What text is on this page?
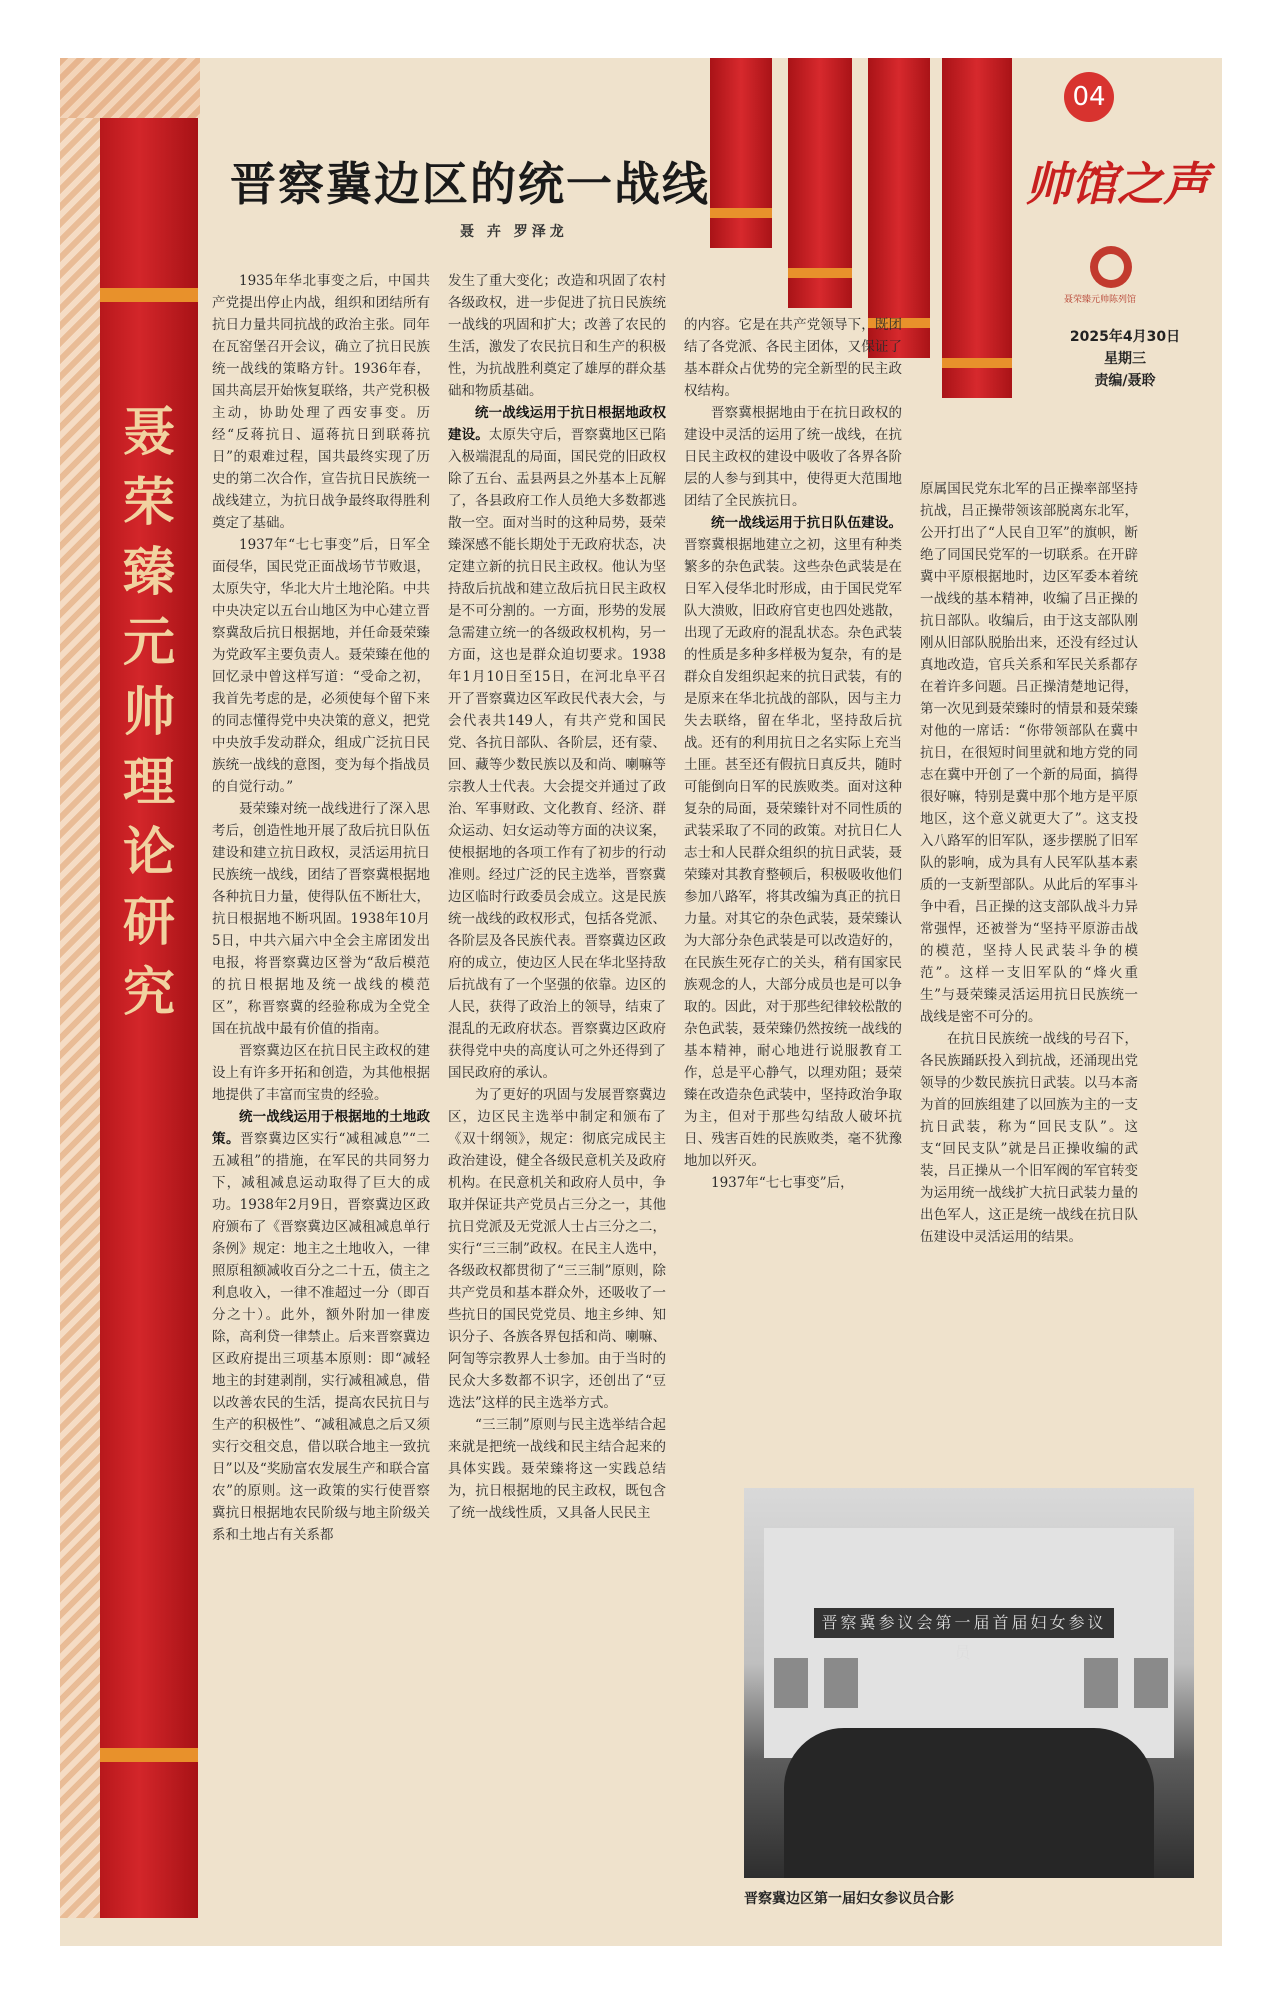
聂荣臻元帅理论研究
04
帅馆之声
聂荣臻元帅陈列馆
2025年4月30日
星期三
责编/聂聆
晋察冀边区的统一战线
聂 卉 罗泽龙

1935年华北事变之后，中国共产党提出停止内战，组织和团结所有抗日力量共同抗战的政治主张。同年在瓦窑堡召开会议，确立了抗日民族统一战线的策略方针。1936年春，国共高层开始恢复联络，共产党积极主动，协助处理了西安事变。历经“反蒋抗日、逼蒋抗日到联蒋抗日”的艰难过程，国共最终实现了历史的第二次合作，宣告抗日民族统一战线建立，为抗日战争最终取得胜利奠定了基础。

1937年“七七事变”后，日军全面侵华，国民党正面战场节节败退，太原失守，华北大片土地沦陷。中共中央决定以五台山地区为中心建立晋察冀敌后抗日根据地，并任命聂荣臻为党政军主要负责人。聂荣臻在他的回忆录中曾这样写道：“受命之初，我首先考虑的是，必须使每个留下来的同志懂得党中央决策的意义，把党中央放手发动群众，组成广泛抗日民族统一战线的意图，变为每个指战员的自觉行动。”

聂荣臻对统一战线进行了深入思考后，创造性地开展了敌后抗日队伍建设和建立抗日政权，灵活运用抗日民族统一战线，团结了晋察冀根据地各种抗日力量，使得队伍不断壮大，抗日根据地不断巩固。1938年10月5日，中共六届六中全会主席团发出电报，将晋察冀边区誉为“敌后模范的抗日根据地及统一战线的模范区”，称晋察冀的经验称成为全党全国在抗战中最有价值的指南。

晋察冀边区在抗日民主政权的建设上有许多开拓和创造，为其他根据地提供了丰富而宝贵的经验。

统一战线运用于根据地的土地政策。晋察冀边区实行“减租减息”“二五减租”的措施，在军民的共同努力下，减租减息运动取得了巨大的成功。1938年2月9日，晋察冀边区政府颁布了《晋察冀边区减租减息单行条例》规定：地主之土地收入，一律照原租额减收百分之二十五，债主之利息收入，一律不准超过一分（即百分之十）。此外，额外附加一律废除，高利贷一律禁止。后来晋察冀边区政府提出三项基本原则：即“减轻地主的封建剥削，实行减租减息，借以改善农民的生活，提高农民抗日与生产的积极性”、“减租减息之后又须实行交租交息，借以联合地主一致抗日”以及“奖励富农发展生产和联合富农”的原则。这一政策的实行使晋察冀抗日根据地农民阶级与地主阶级关系和土地占有关系都

发生了重大变化；改造和巩固了农村各级政权，进一步促进了抗日民族统一战线的巩固和扩大；改善了农民的生活，激发了农民抗日和生产的积极性，为抗战胜利奠定了雄厚的群众基础和物质基础。

统一战线运用于抗日根据地政权建设。太原失守后，晋察冀地区已陷入极端混乱的局面，国民党的旧政权除了五台、盂县两县之外基本上瓦解了，各县政府工作人员绝大多数都逃散一空。面对当时的这种局势，聂荣臻深感不能长期处于无政府状态，决定建立新的抗日民主政权。他认为坚持敌后抗战和建立敌后抗日民主政权是不可分割的。一方面，形势的发展急需建立统一的各级政权机构，另一方面，这也是群众迫切要求。1938年1月10日至15日，在河北阜平召开了晋察冀边区军政民代表大会，与会代表共149人，有共产党和国民党、各抗日部队、各阶层，还有蒙、回、藏等少数民族以及和尚、喇嘛等宗教人士代表。大会提交并通过了政治、军事财政、文化教育、经济、群众运动、妇女运动等方面的决议案，使根据地的各项工作有了初步的行动准则。经过广泛的民主选举，晋察冀边区临时行政委员会成立。这是民族统一战线的政权形式，包括各党派、各阶层及各民族代表。晋察冀边区政府的成立，使边区人民在华北坚持敌后抗战有了一个坚强的依靠。边区的人民，获得了政治上的领导，结束了混乱的无政府状态。晋察冀边区政府获得党中央的高度认可之外还得到了国民政府的承认。

为了更好的巩固与发展晋察冀边区，边区民主选举中制定和颁布了《双十纲领》，规定：彻底完成民主政治建设，健全各级民意机关及政府机构。在民意机关和政府人员中，争取并保证共产党员占三分之一，其他抗日党派及无党派人士占三分之二，实行“三三制”政权。在民主人选中，各级政权都贯彻了“三三制”原则，除共产党员和基本群众外，还吸收了一些抗日的国民党党员、地主乡绅、知识分子、各族各界包括和尚、喇嘛、阿訇等宗教界人士参加。由于当时的民众大多数都不识字，还创出了“豆选法”这样的民主选举方式。

“三三制”原则与民主选举结合起来就是把统一战线和民主结合起来的具体实践。聂荣臻将这一实践总结为，抗日根据地的民主政权，既包含了统一战线性质，又具备人民民主

的内容。它是在共产党领导下，既团结了各党派、各民主团体，又保证了基本群众占优势的完全新型的民主政权结构。

晋察冀根据地由于在抗日政权的建设中灵活的运用了统一战线，在抗日民主政权的建设中吸收了各界各阶层的人参与到其中，使得更大范围地团结了全民族抗日。

统一战线运用于抗日队伍建设。晋察冀根据地建立之初，这里有种类繁多的杂色武装。这些杂色武装是在日军入侵华北时形成，由于国民党军队大溃败，旧政府官吏也四处逃散，出现了无政府的混乱状态。杂色武装的性质是多种多样极为复杂，有的是群众自发组织起来的抗日武装，有的是原来在华北抗战的部队，因与主力失去联络，留在华北，坚持敌后抗战。还有的利用抗日之名实际上充当土匪。甚至还有假抗日真反共，随时可能倒向日军的民族败类。面对这种复杂的局面，聂荣臻针对不同性质的武装采取了不同的政策。对抗日仁人志士和人民群众组织的抗日武装，聂荣臻对其教育整顿后，积极吸收他们参加八路军，将其改编为真正的抗日力量。对其它的杂色武装，聂荣臻认为大部分杂色武装是可以改造好的，在民族生死存亡的关头，稍有国家民族观念的人，大部分成员也是可以争取的。因此，对于那些纪律较松散的杂色武装，聂荣臻仍然按统一战线的基本精神，耐心地进行说服教育工作，总是平心静气，以理劝阻；聂荣臻在改造杂色武装中，坚持政治争取为主，但对于那些勾结敌人破坏抗日、残害百姓的民族败类，毫不犹豫地加以歼灭。

1937年“七七事变”后，

原属国民党东北军的吕正操率部坚持抗战，吕正操带领该部脱离东北军，公开打出了“人民自卫军”的旗帜，断绝了同国民党军的一切联系。在开辟冀中平原根据地时，边区军委本着统一战线的基本精神，收编了吕正操的抗日部队。收编后，由于这支部队刚刚从旧部队脱胎出来，还没有经过认真地改造，官兵关系和军民关系都存在着许多问题。吕正操清楚地记得，第一次见到聂荣臻时的情景和聂荣臻对他的一席话：“你带领部队在冀中抗日，在很短时间里就和地方党的同志在冀中开创了一个新的局面，搞得很好嘛，特别是冀中那个地方是平原地区，这个意义就更大了”。这支投入八路军的旧军队，逐步摆脱了旧军队的影响，成为具有人民军队基本素质的一支新型部队。从此后的军事斗争中看，吕正操的这支部队战斗力异常强悍，还被誉为“坚持平原游击战的模范，坚持人民武装斗争的模范”。这样一支旧军队的“烽火重生”与聂荣臻灵活运用抗日民族统一战线是密不可分的。

在抗日民族统一战线的号召下，各民族踊跃投入到抗战，还涌现出党领导的少数民族抗日武装。以马本斋为首的回族组建了以回族为主的一支抗日武装，称为“回民支队”。这支“回民支队”就是吕正操收编的武装，吕正操从一个旧军阀的军官转变为运用统一战线扩大抗日武装力量的出色军人，这正是统一战线在抗日队伍建设中灵活运用的结果。

晋察冀参议会第一届首届妇女参议员
晋察冀边区第一届妇女参议员合影
